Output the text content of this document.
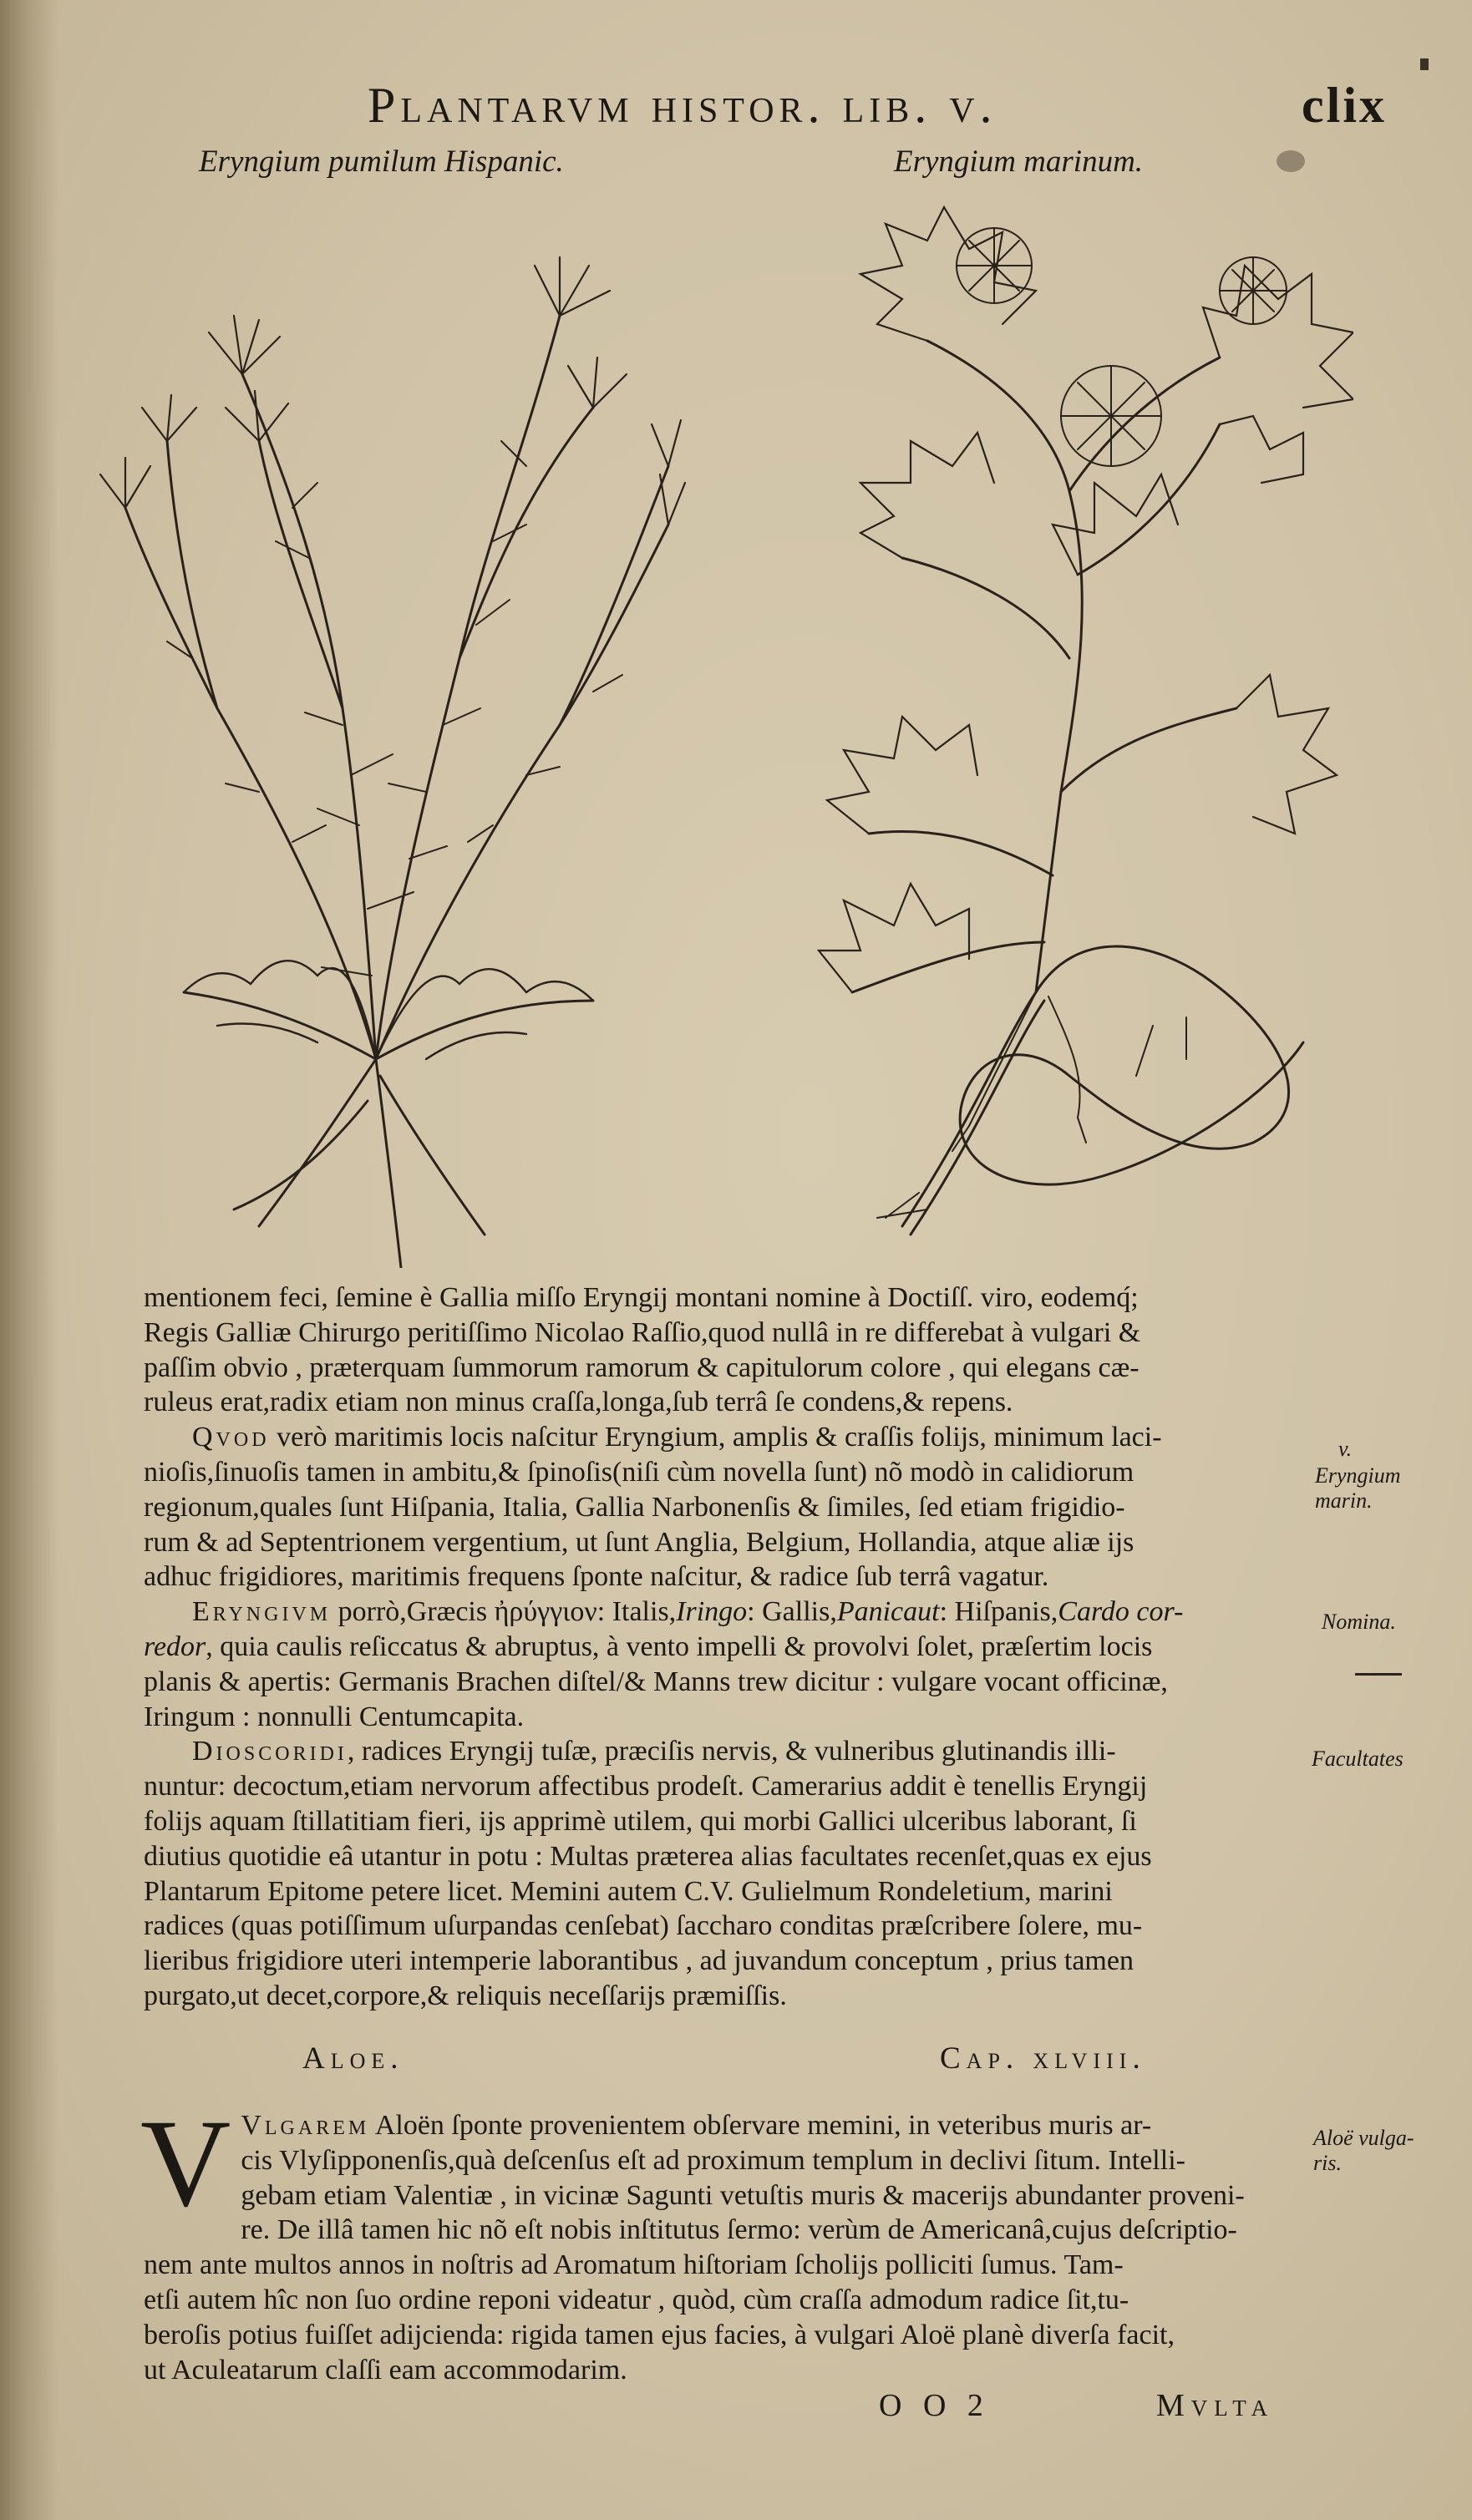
Plantarvm histor. lib. v.	clix
Eryngium pumilum Hispanic.	Eryngium marinum.
mentionem feci, ſemine è Gallia miſſo Eryngij montani nomine à Doctiſſ. viro, eodemq́;
Regis Galliæ Chirurgo peritiſſimo Nicolao Raſſio,quod nullâ in re differebat à vulgari &
paſſim obvio , præterquam ſummorum ramorum & capitulorum colore , qui elegans cæ-
ruleus erat,radix etiam non minus craſſa,longa,ſub terrâ ſe condens,& repens.
Qvod verò maritimis locis naſcitur Eryngium, amplis & craſſis folijs, minimum laci-
nioſis,ſinuoſis tamen in ambitu,& ſpinoſis(niſi cùm novella ſunt) nõ modò in calidiorum
regionum,quales ſunt Hiſpania, Italia, Gallia Narbonenſis & ſimiles, ſed etiam frigidio-
rum & ad Septentrionem vergentium, ut ſunt Anglia, Belgium, Hollandia, atque aliæ ijs
adhuc frigidiores, maritimis frequens ſponte naſcitur, & radice ſub terrâ vagatur.
Eryngivm porrò,Græcis ἠρύγγιον: Italis,Iringo: Gallis,Panicaut: Hiſpanis,Cardo cor-
redor, quia caulis reſiccatus & abruptus, à vento impelli & provolvi ſolet, præſertim locis
planis & apertis: Germanis Brachen diſtel/& Manns trew dicitur : vulgare vocant officinæ,
Iringum : nonnulli Centumcapita.
Dioscoridi, radices Eryngij tuſæ, præciſis nervis, & vulneribus glutinandis illi-
nuntur: decoctum,etiam nervorum affectibus prodeſt. Camerarius addit è tenellis Eryngij
folijs aquam ſtillatitiam fieri, ijs apprimè utilem, qui morbi Gallici ulceribus laborant, ſi
diutius quotidie eâ utantur in potu : Multas præterea alias facultates recenſet,quas ex ejus
Plantarum Epitome petere licet. Memini autem C.V. Gulielmum Rondeletium, marini
radices (quas potiſſimum uſurpandas cenſebat) ſaccharo conditas præſcribere ſolere, mu-
lieribus frigidiore uteri intemperie laborantibus , ad juvandum conceptum , prius tamen
purgato,ut decet,corpore,& reliquis neceſſarijs præmiſſis.
v.
Eryngium marin.
Nomina.
Facultates
Aloë vulga-
ris.
Aloe.	Cap. xlviii.
V Vlgarem Aloën ſponte provenientem obſervare memini, in veteribus muris ar-
cis Vlyſipponenſis,quà deſcenſus eſt ad proximum templum in declivi ſitum. Intelli-
gebam etiam Valentiæ , in vicinæ Sagunti vetuſtis muris & macerijs abundanter proveni-
re. De illâ tamen hic nõ eſt nobis inſtitutus ſermo: verùm de Americanâ,cujus deſcriptio-
nem ante multos annos in noſtris ad Aromatum hiſtoriam ſcholijs polliciti ſumus. Tam-
etſi autem hîc non ſuo ordine reponi videatur , quòd, cùm craſſa admodum radice ſit,tu-
beroſis potius fuiſſet adijcienda: rigida tamen ejus facies, à vulgari Aloë planè diverſa facit,
ut Aculeatarum claſſi eam accommodarim.
O O 2	Mvlta
